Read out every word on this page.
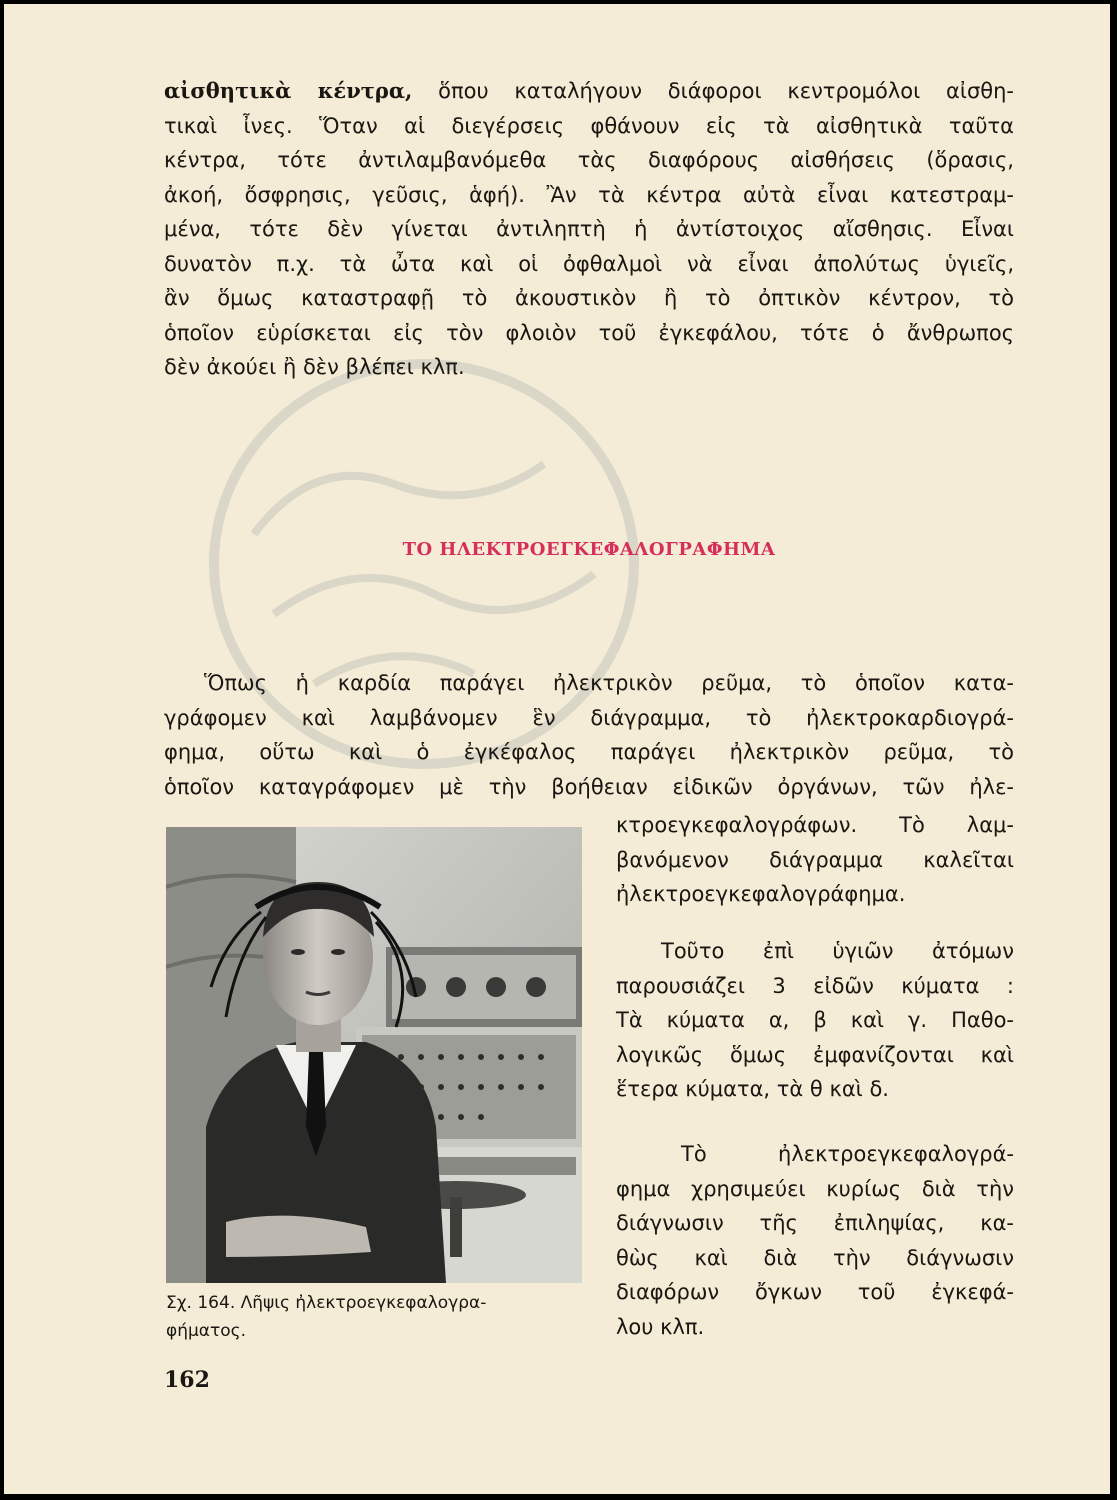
αἰσθητικὰ κέντρα, ὅπου καταλήγουν διάφοροι κεντρομόλοι αἰσθη-
τικαὶ ἶνες. Ὅταν αἱ διεγέρσεις φθάνουν εἰς τὰ αἰσθητικὰ ταῦτα
κέντρα, τότε ἀντιλαμβανόμεθα τὰς διαφόρους αἰσθήσεις (ὅρασις,
ἀκοή, ὄσφρησις, γεῦσις, ἁφή). Ἂν τὰ κέντρα αὐτὰ εἶναι κατεστραμ-
μένα, τότε δὲν γίνεται ἀντιληπτὴ ἡ ἀντίστοιχος αἴσθησις. Εἶναι
δυνατὸν π.χ. τὰ ὦτα καὶ οἱ ὀφθαλμοὶ νὰ εἶναι ἀπολύτως ὑγιεῖς,
ἂν ὅμως καταστραφῇ τὸ ἀκουστικὸν ἢ τὸ ὀπτικὸν κέντρον, τὸ
ὁποῖον εὑρίσκεται εἰς τὸν φλοιὸν τοῦ ἐγκεφάλου, τότε ὁ ἄνθρωπος
δὲν ἀκούει ἢ δὲν βλέπει κλπ.
ΤΟ ΗΛΕΚΤΡΟΕΓΚΕΦΑΛΟΓΡΑΦΗΜΑ
Ὅπως ἡ καρδία παράγει ἠλεκτρικὸν ρεῦμα, τὸ ὁποῖον κατα-
γράφομεν καὶ λαμβάνομεν ἓν διάγραμμα, τὸ ἠλεκτροκαρδιογρά-
φημα, οὕτω καὶ ὁ ἐγκέφαλος παράγει ἠλεκτρικὸν ρεῦμα, τὸ
ὁποῖον καταγράφομεν μὲ τὴν βοήθειαν εἰδικῶν ὀργάνων, τῶν ἠλε-
κτροεγκεφαλογράφων. Τὸ λαμ-
βανόμενον διάγραμμα καλεῖται
ἠλεκτροεγκεφαλογράφημα.
Τοῦτο ἐπὶ ὑγιῶν ἀτόμων
παρουσιάζει 3 εἰδῶν κύματα :
Τὰ κύματα α, β καὶ γ. Παθο-
λογικῶς ὅμως ἐμφανίζονται καὶ
ἕτερα κύματα, τὰ θ καὶ δ.
Τὸ ἠλεκτροεγκεφαλογρά-
φημα χρησιμεύει κυρίως διὰ τὴν
διάγνωσιν τῆς ἐπιληψίας, κα-
θὼς καὶ διὰ τὴν διάγνωσιν
διαφόρων ὄγκων τοῦ ἐγκεφά-
λου κλπ.
Σχ. 164. Λῆψις ἠλεκτροεγκεφαλογρα-
φήματος.
162
